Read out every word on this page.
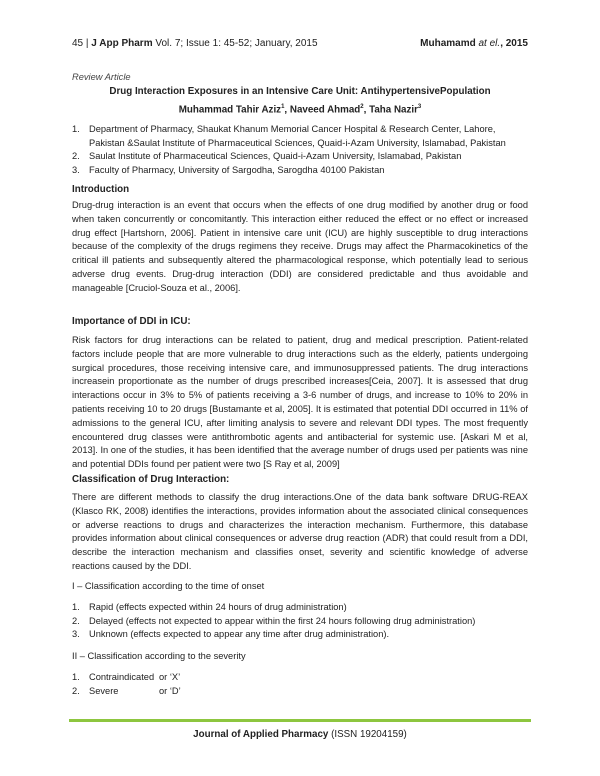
45 | J App Pharm Vol. 7; Issue 1: 45-52; January, 2015	Muhamamd at el., 2015
Review Article
Drug Interaction Exposures in an Intensive Care Unit: AntihypertensivePopulation
Muhammad Tahir Aziz$^1$, Naveed Ahmad$^2$, Taha Nazir$^3$
1. Department of Pharmacy, Shaukat Khanum Memorial Cancer Hospital & Research Center, Lahore, Pakistan &Saulat Institute of Pharmaceutical Sciences, Quaid-i-Azam University, Islamabad, Pakistan
2. Saulat Institute of Pharmaceutical Sciences, Quaid-i-Azam University, Islamabad, Pakistan
3. Faculty of Pharmacy, University of Sargodha, Sarogdha 40100 Pakistan
Introduction
Drug-drug interaction is an event that occurs when the effects of one drug modified by another drug or food when taken concurrently or concomitantly. This interaction either reduced the effect or no effect or increased drug effect [Hartshorn, 2006]. Patient in intensive care unit (ICU) are highly susceptible to drug interactions because of the complexity of the drugs regimens they receive. Drugs may affect the Pharmacokinetics of the critical ill patients and subsequently altered the pharmacological response, which potentially lead to serious adverse drug events. Drug-drug interaction (DDI) are considered predictable and thus avoidable and manageable [Cruciol-Souza et al., 2006].
Importance of DDI in ICU:
Risk factors for drug interactions can be related to patient, drug and medical prescription. Patient-related factors include people that are more vulnerable to drug interactions such as the elderly, patients undergoing surgical procedures, those receiving intensive care, and immunosuppressed patients. The drug interactions increasein proportionate as the number of drugs prescribed increases[Ceia, 2007]. It is assessed that drug interactions occur in 3% to 5% of patients receiving a 3-6 number of drugs, and increase to 10% to 20% in patients receiving 10 to 20 drugs [Bustamante et al, 2005]. It is estimated that potential DDI occurred in 11% of admissions to the general ICU, after limiting analysis to severe and relevant DDI types. The most frequently encountered drug classes were antithrombotic agents and antibacterial for systemic use. [Askari M et al, 2013]. In one of the studies, it has been identified that the average number of drugs used per patients was nine and potential DDIs found per patient were two [S Ray et al, 2009]
Classification of Drug Interaction:
There are different methods to classify the drug interactions.One of the data bank software DRUG-REAX (Klasco RK, 2008) identifies the interactions, provides information about the associated clinical consequences or adverse reactions to drugs and characterizes the interaction mechanism. Furthermore, this database provides information about clinical consequences or adverse drug reaction (ADR) that could result from a DDI, describe the interaction mechanism and classifies onset, severity and scientific knowledge of adverse reactions caused by the DDI.
I – Classification according to the time of onset
1. Rapid (effects expected within 24 hours of drug administration)
2. Delayed (effects not expected to appear within the first 24 hours following drug administration)
3. Unknown (effects expected to appear any time after drug administration).
II – Classification according to the severity
1. Contraindicated or ‘X’
2. Severe	or ‘D’
Journal of Applied Pharmacy (ISSN 19204159)
